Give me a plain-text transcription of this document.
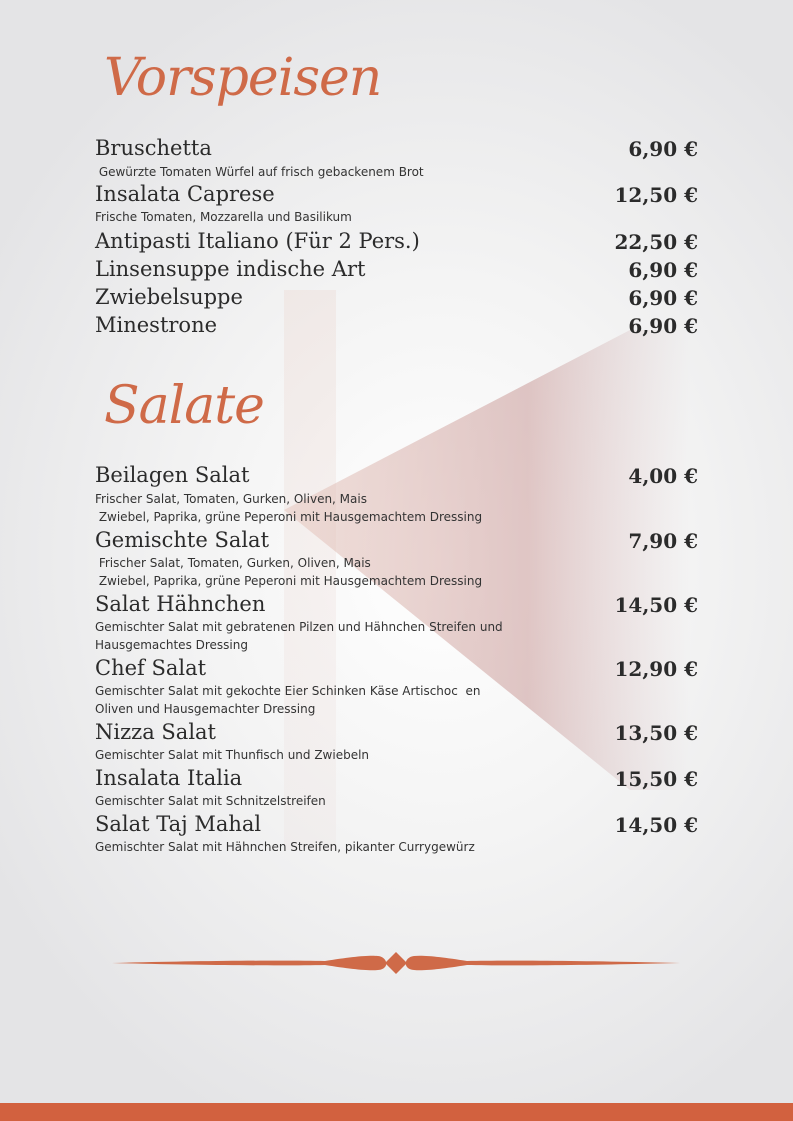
Vorspeisen
Bruschetta	6,90 €
Gewürzte Tomaten Würfel auf frisch gebackenem Brot
Insalata Caprese	12,50 €
Frische Tomaten, Mozzarella und Basilikum
Antipasti Italiano (Für 2 Pers.)	22,50 €
Linsensuppe indische Art	6,90 €
Zwiebelsuppe	6,90 €
Minestrone	6,90 €
Salate
Beilagen Salat	4,00 €
Frischer Salat, Tomaten, Gurken, Oliven, Mais
Zwiebel, Paprika, grüne Peperoni mit Hausgemachtem Dressing
Gemischte Salat	7,90 €
Frischer Salat, Tomaten, Gurken, Oliven, Mais
Zwiebel, Paprika, grüne Peperoni mit Hausgemachtem Dressing
Salat Hähnchen	14,50 €
Gemischter Salat mit gebratenen Pilzen und Hähnchen Streifen und
Hausgemachtes Dressing
Chef Salat	12,90 €
Gemischter Salat mit gekochte Eier Schinken Käse Artischoc  en
Oliven und Hausgemachter Dressing
Nizza Salat	13,50 €
Gemischter Salat mit Thunfisch und Zwiebeln
Insalata Italia	15,50 €
Gemischter Salat mit Schnitzelstreifen
Salat Taj Mahal	14,50 €
Gemischter Salat mit Hähnchen Streifen, pikanter Currygewürz
